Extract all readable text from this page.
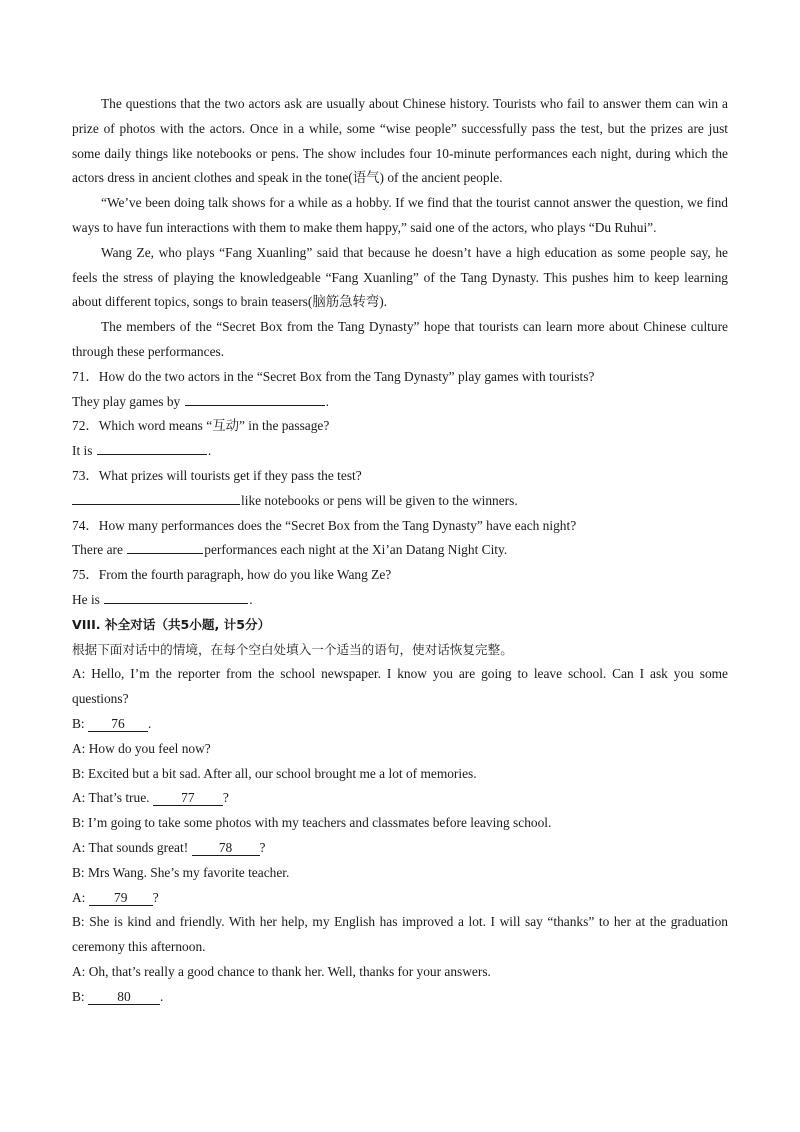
The questions that the two actors ask are usually about Chinese history. Tourists who fail to answer them can win a prize of photos with the actors. Once in a while, some “wise people” successfully pass the test, but the prizes are just some daily things like notebooks or pens. The show includes four 10-minute performances each night, during which the actors dress in ancient clothes and speak in the tone(语气) of the ancient people.

“We’ve been doing talk shows for a while as a hobby. If we find that the tourist cannot answer the question, we find ways to have fun interactions with them to make them happy,” said one of the actors, who plays “Du Ruhui”.

Wang Ze, who plays “Fang Xuanling” said that because he doesn’t have a high education as some people say, he feels the stress of playing the knowledgeable “Fang Xuanling” of the Tang Dynasty. This pushes him to keep learning about different topics, songs to brain teasers(脑筋急转弯).

The members of the “Secret Box from the Tang Dynasty” hope that tourists can learn more about Chinese culture through these performances.

71．How do the two actors in the “Secret Box from the Tang Dynasty” play games with tourists?

They play games by	.

72．Which word means “互动” in the passage?

It is	.

73．What prizes will tourists get if they pass the test?

like notebooks or pens will be given to the winners.

74．How many performances does the “Secret Box from the Tang Dynasty” have each night?

There are	performances each night at the Xi’an Datang Night City.

75．From the fourth paragraph, how do you like Wang Ze?

He is	.

VIII. 补全对话（共5小题, 计5分）

根据下面对话中的情境，在每个空白处填入一个适当的语句，使对话恢复完整。

A: Hello, I’m the reporter from the school newspaper. I know you are going to leave school. Can I ask you some questions?

B: 76 .

A: How do you feel now?

B: Excited but a bit sad. After all, our school brought me a lot of memories.

A: That’s true. 77 ?

B: I’m going to take some photos with my teachers and classmates before leaving school.

A: That sounds great! 78 ?

B: Mrs Wang. She’s my favorite teacher.

A: 79 ?

B: She is kind and friendly. With her help, my English has improved a lot. I will say “thanks” to her at the graduation ceremony this afternoon.

A: Oh, that’s really a good chance to thank her. Well, thanks for your answers.

B: 80 .
